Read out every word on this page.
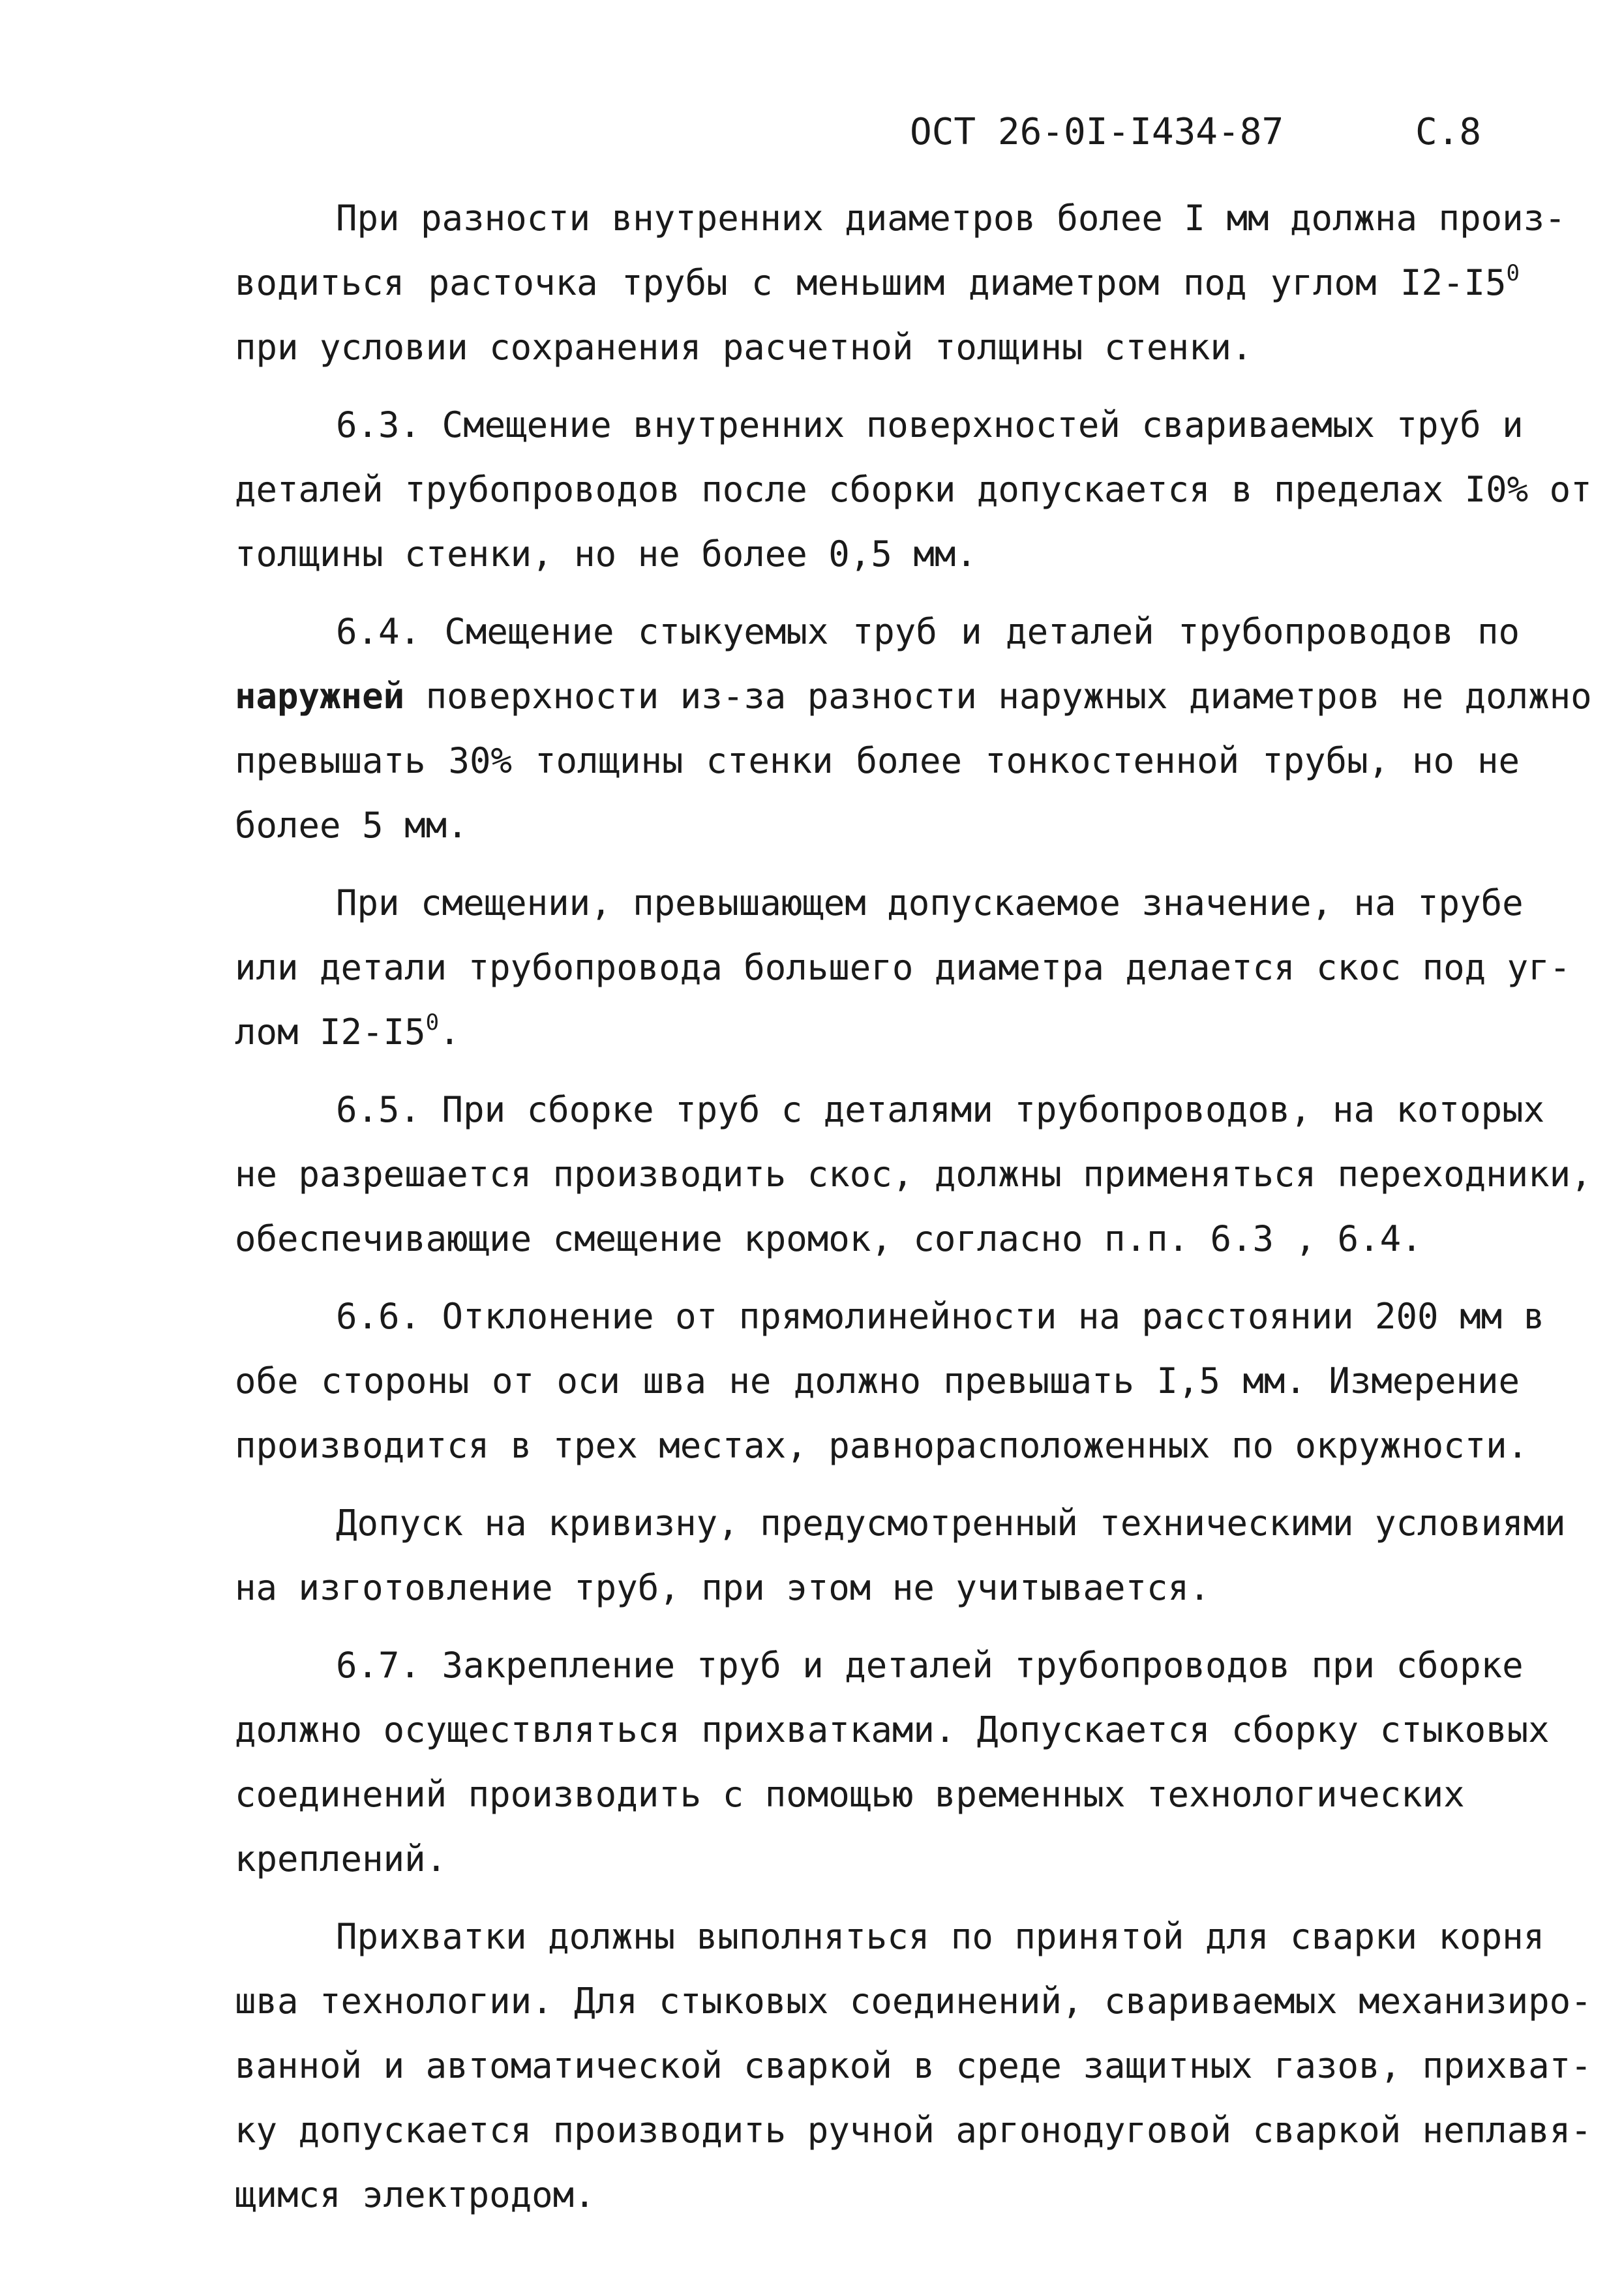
ОСТ 26-0I-I434-87	С.8
При разности внутренних диаметров более I мм должна произ-
водиться расточка трубы с меньшим диаметром под углом $I2-I5^0$
при условии сохранения расчетной толщины стенки.
6.3. Смещение внутренних поверхностей свариваемых труб и
деталей трубопроводов после сборки допускается в пределах I0% от
толщины стенки, но не более 0,5 мм.
6.4. Смещение стыкуемых труб и деталей трубопроводов по
наружней поверхности из-за разности наружных диаметров не должно
превышать 30% толщины стенки более тонкостенной трубы, но не
более 5 мм.
При смещении, превышающем допускаемое значение, на трубе
или детали трубопровода большего диаметра делается скос под уг-
лом $I2-I5^0$.
6.5. При сборке труб с деталями трубопроводов, на которых
не разрешается производить скос, должны применяться переходники,
обеспечивающие смещение кромок, согласно п.п. 6.3 , 6.4.
6.6. Отклонение от прямолинейности на расстоянии 200 мм в
обе стороны от оси шва не должно превышать I,5 мм. Измерение
производится в трех местах, равнорасположенных по окружности.
Допуск на кривизну, предусмотренный техническими условиями
на изготовление труб, при этом не учитывается.
6.7. Закрепление труб и деталей трубопроводов при сборке
должно осуществляться прихватками. Допускается сборку стыковых
соединений производить с помощью временных технологических
креплений.
Прихватки должны выполняться по принятой для сварки корня
шва технологии. Для стыковых соединений, свариваемых механизиро-
ванной и автоматической сваркой в среде защитных газов, прихват-
ку допускается производить ручной аргонодуговой сваркой неплавя-
щимся электродом.
